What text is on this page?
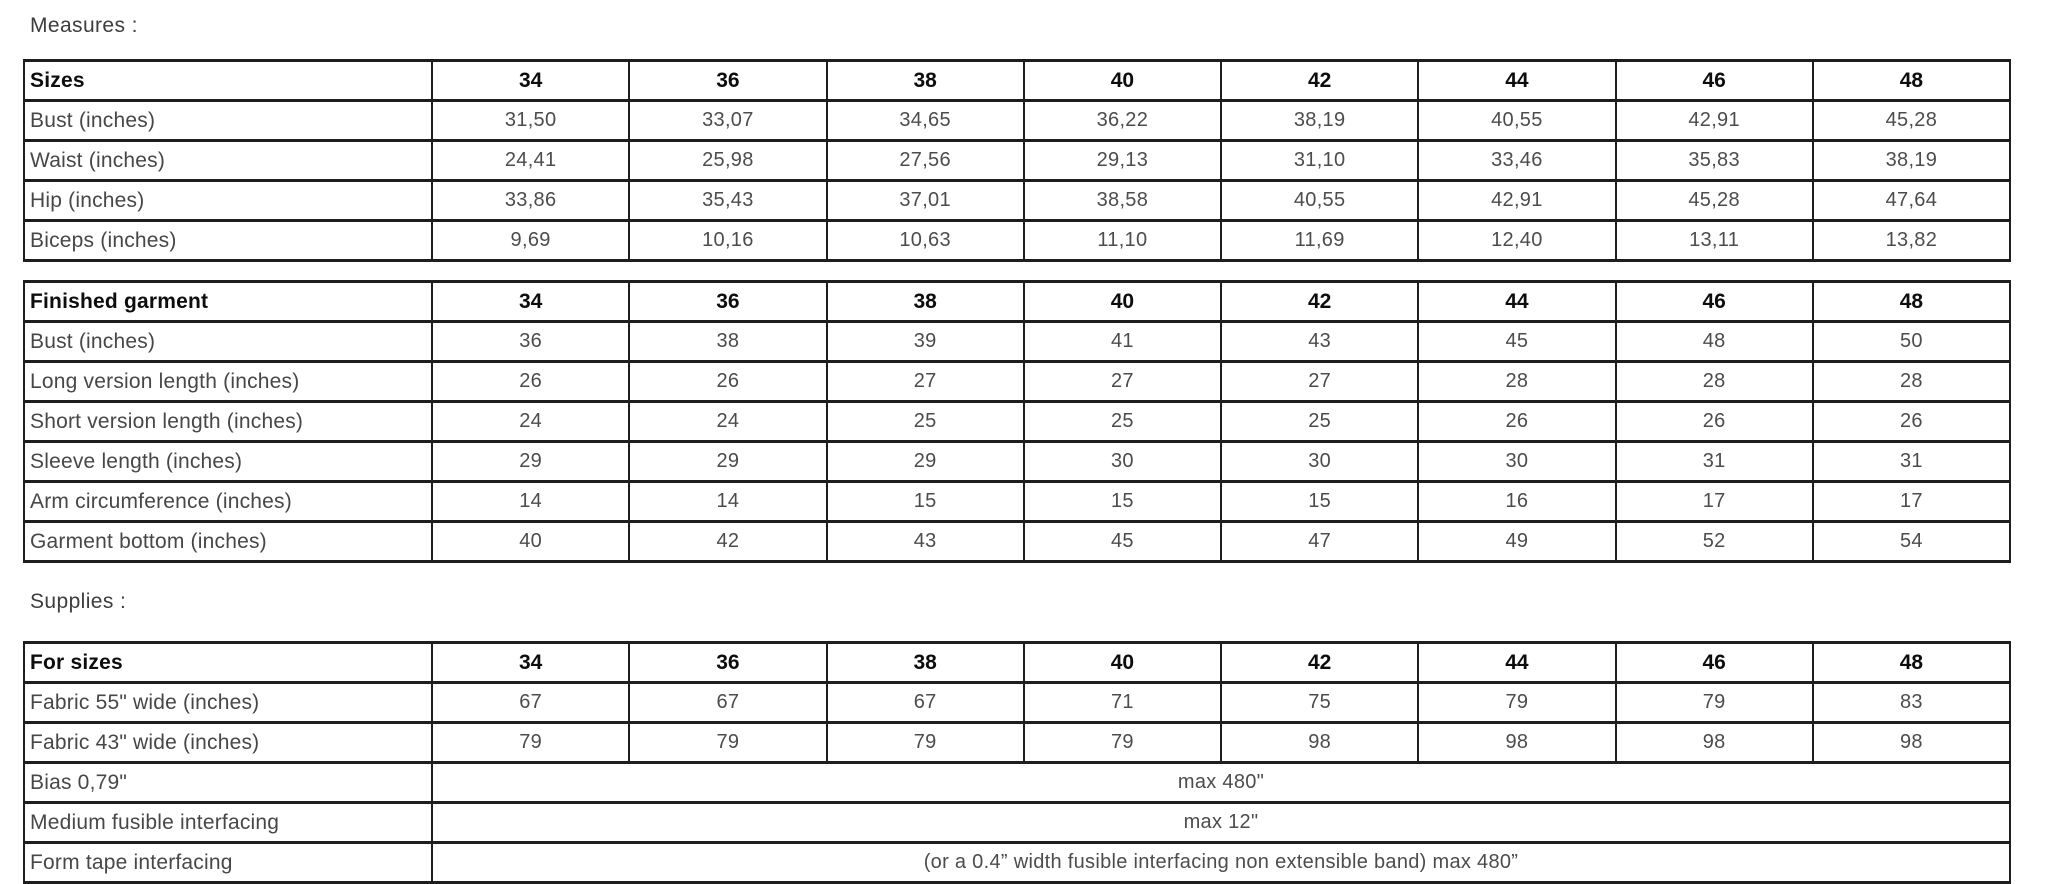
Measures :
Sizes	34	36	38	40	42	44	46	48
Bust (inches)	31,50	33,07	34,65	36,22	38,19	40,55	42,91	45,28
Waist (inches)	24,41	25,98	27,56	29,13	31,10	33,46	35,83	38,19
Hip (inches)	33,86	35,43	37,01	38,58	40,55	42,91	45,28	47,64
Biceps (inches)	9,69	10,16	10,63	11,10	11,69	12,40	13,11	13,82
Finished garment	34	36	38	40	42	44	46	48
Bust (inches)	36	38	39	41	43	45	48	50
Long version length (inches)	26	26	27	27	27	28	28	28
Short version length (inches)	24	24	25	25	25	26	26	26
Sleeve length (inches)	29	29	29	30	30	30	31	31
Arm circumference (inches)	14	14	15	15	15	16	17	17
Garment bottom (inches)	40	42	43	45	47	49	52	54
Supplies :
For sizes	34	36	38	40	42	44	46	48
Fabric 55" wide (inches)	67	67	67	71	75	79	79	83
Fabric 43" wide (inches)	79	79	79	79	98	98	98	98
Bias 0,79"	max 480"							
Medium fusible interfacing	max 12"							
Form tape interfacing	(or a 0.4” width fusible interfacing non extensible band) max 480”							
